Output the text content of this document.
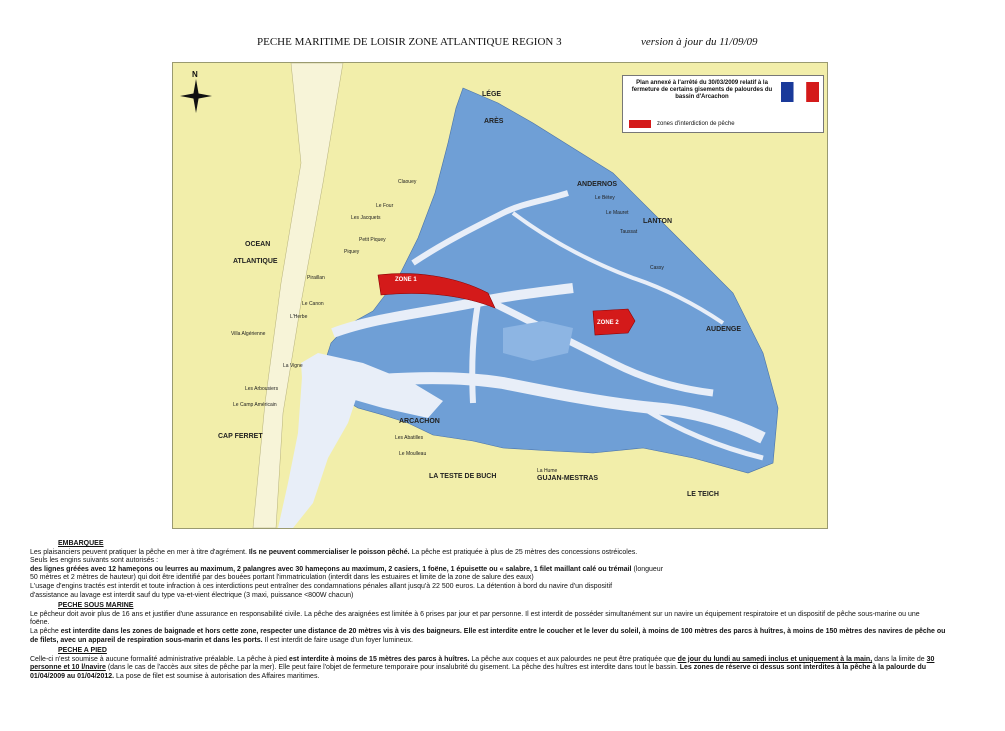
PECHE MARITIME DE LOISIR ZONE ATLANTIQUE REGION 3	version à jour du 11/09/09
N
Plan annexé à l'arrêté du 30/03/2009 relatif à la fermeture de certains gisements de palourdes du bassin d'Arcachon
zones d'interdiction de pêche
LÉGE
ARÈS
ANDERNOS
LANTON
AUDENGE
OCEAN
ATLANTIQUE
CAP FERRET
ARCACHON
LA TESTE DE BUCH	GUJAN-MESTRAS
LE TEICH
Claouey
Le Four
Les Jacquets
Petit Piquey
Piquey
Piraillan
Le Canon
L'Herbe
Villa Algérienne
La Vigne
Les Arbousiers
Le Camp Américain
Le Bétey
Le Mauret
Taussat
Cassy
Les Abatilles
Le Moulleau
La Hume
ZONE 1
ZONE 2

EMBARQUEE

Les plaisanciers peuvent pratiquer la pêche en mer à titre d'agrément. Ils ne peuvent commercialiser le poisson pêché. La pêche est pratiquée à plus de 25 mètres des concessions ostréicoles.

Seuls les engins suivants sont autorisés :

des lignes gréées avec 12 hameçons ou leurres au maximum, 2 palangres avec 30 hameçons au maximum, 2 casiers, 1 foëne, 1 épuisette ou « salabre, 1 filet maillant calé ou trémail (longueur

50 mètres et 2 mètres de hauteur) qui doit être identifié par des bouées portant l'immatriculation (interdit dans les estuaires et limite de la zone de salure des eaux)

L'usage d'engins tractés est interdit et toute infraction à ces interdictions peut entraîner des condamnations pénales allant jusqu'à 22 500 euros. La détention à bord du navire d'un dispositif

d'assistance au lavage est interdit sauf du type va-et-vient électrique (3 maxi, puissance <800W chacun)

PECHE SOUS MARINE

Le pêcheur doit avoir plus de 16 ans et justifier d'une assurance en responsabilité civile. La pêche des araignées est limitée à 6 prises par jour et par personne. Il est interdit de posséder simultanément sur un navire un équipement respiratoire et un dispositif de pêche sous-marine ou une

foëne.

La pêche est interdite dans les zones de baignade et hors cette zone, respecter une distance de 20 mètres vis à vis des baigneurs. Elle est interdite entre le coucher et le lever du soleil, à moins de 100 mètres des parcs à huîtres, à moins de 150 mètres des navires de pêche ou

de filets, avec un appareil de respiration sous-marin et dans les ports. Il est interdit de faire usage d'un foyer lumineux.

PECHE A PIED

Celle-ci n'est soumise à aucune formalité administrative préalable. La pêche à pied est interdite à moins de 15 mètres des parcs à huîtres. La pêche aux coques et aux palourdes ne peut être pratiquée que de jour du lundi au samedi inclus et uniquement à la main, dans la limite de 30

personne et 10 l/navire (dans le cas de l'accès aux sites de pêche par la mer). Elle peut faire l'objet de fermeture temporaire pour insalubrité du gisement. La pêche des huîtres est interdite dans tout le bassin. Les zones de réserve ci dessus sont interdites à la pêche à la palourde du

01/04/2009 au 01/04/2012. La pose de filet est soumise à autorisation des Affaires maritimes.
